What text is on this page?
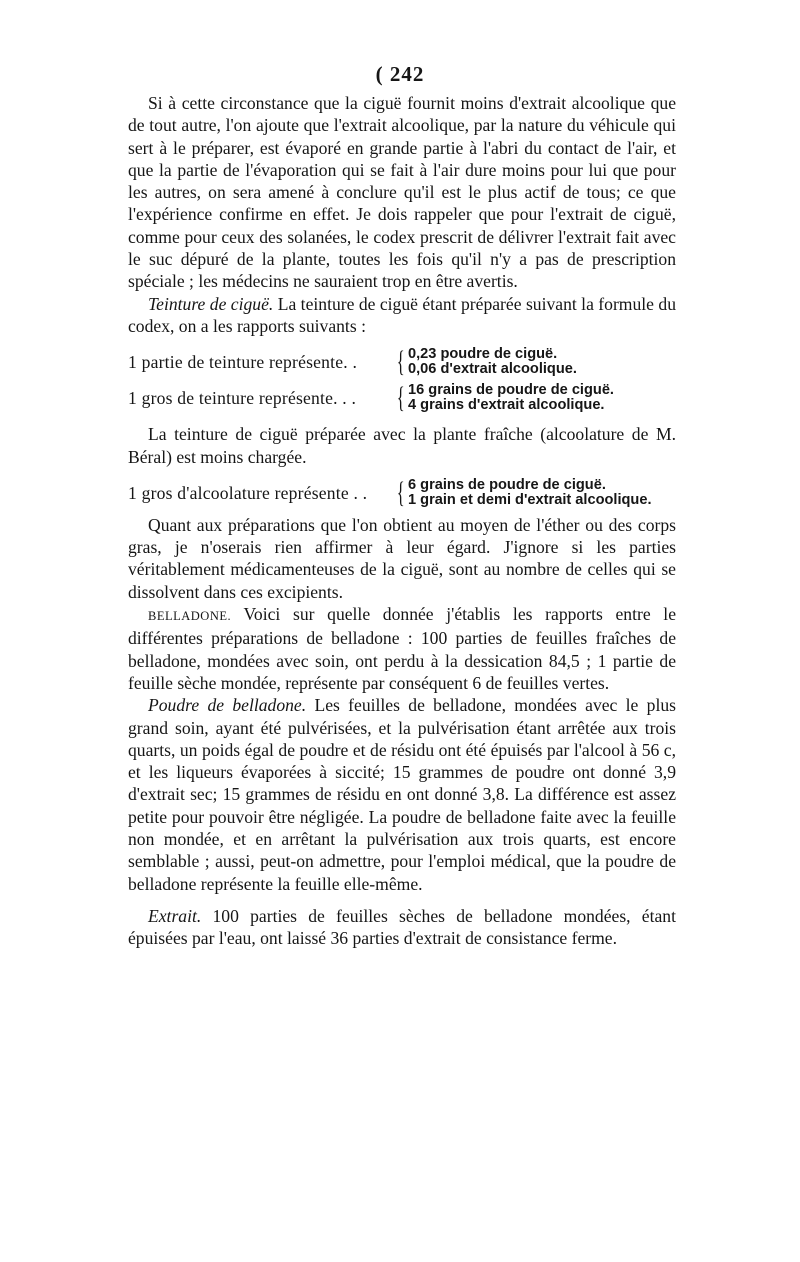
( 242

Si à cette circonstance que la ciguë fournit moins d'extrait alcoolique que de tout autre, l'on ajoute que l'extrait alcoolique, par la nature du véhicule qui sert à le préparer, est évaporé en grande partie à l'abri du contact de l'air, et que la partie de l'évaporation qui se fait à l'air dure moins pour lui que pour les autres, on sera amené à conclure qu'il est le plus actif de tous; ce que l'expérience confirme en effet. Je dois rappeler que pour l'extrait de ciguë, comme pour ceux des solanées, le codex prescrit de délivrer l'extrait fait avec le suc dépuré de la plante, toutes les fois qu'il n'y a pas de prescription spéciale ; les médecins ne sauraient trop en être avertis.

Teinture de ciguë. La teinture de ciguë étant préparée suivant la formule du codex, on a les rapports suivants :

1 partie de teinture représente. .	{ 0,23 poudre de ciguë.
0,06 d'extrait alcoolique.
1 gros de teinture représente. . .	{ 16 grains de poudre de ciguë.
4 grains d'extrait alcoolique.

La teinture de ciguë préparée avec la plante fraîche (alcoolature de M. Béral) est moins chargée.

1 gros d'alcoolature représente . . { 6 grains de poudre de ciguë.
1 grain et demi d'extrait alcoolique.

Quant aux préparations que l'on obtient au moyen de l'éther ou des corps gras, je n'oserais rien affirmer à leur égard. J'ignore si les parties véritablement médicamenteuses de la ciguë, sont au nombre de celles qui se dissolvent dans ces excipients.

BELLADONE. Voici sur quelle donnée j'établis les rapports entre le différentes préparations de belladone : 100 parties de feuilles fraîches de belladone, mondées avec soin, ont perdu à la dessication 84,5 ; 1 partie de feuille sèche mondée, représente par conséquent 6 de feuilles vertes.

Poudre de belladone. Les feuilles de belladone, mondées avec le plus grand soin, ayant été pulvérisées, et la pulvérisation étant arrêtée aux trois quarts, un poids égal de poudre et de résidu ont été épuisés par l'alcool à 56 c, et les liqueurs évaporées à siccité; 15 grammes de poudre ont donné 3,9 d'extrait sec; 15 grammes de résidu en ont donné 3,8. La différence est assez petite pour pouvoir être négligée. La poudre de belladone faite avec la feuille non mondée, et en arrêtant la pulvérisation aux trois quarts, est encore semblable ; aussi, peut-on admettre, pour l'emploi médical, que la poudre de belladone représente la feuille elle-même.

Extrait. 100 parties de feuilles sèches de belladone mondées, étant épuisées par l'eau, ont laissé 36 parties d'extrait de consistance ferme.
